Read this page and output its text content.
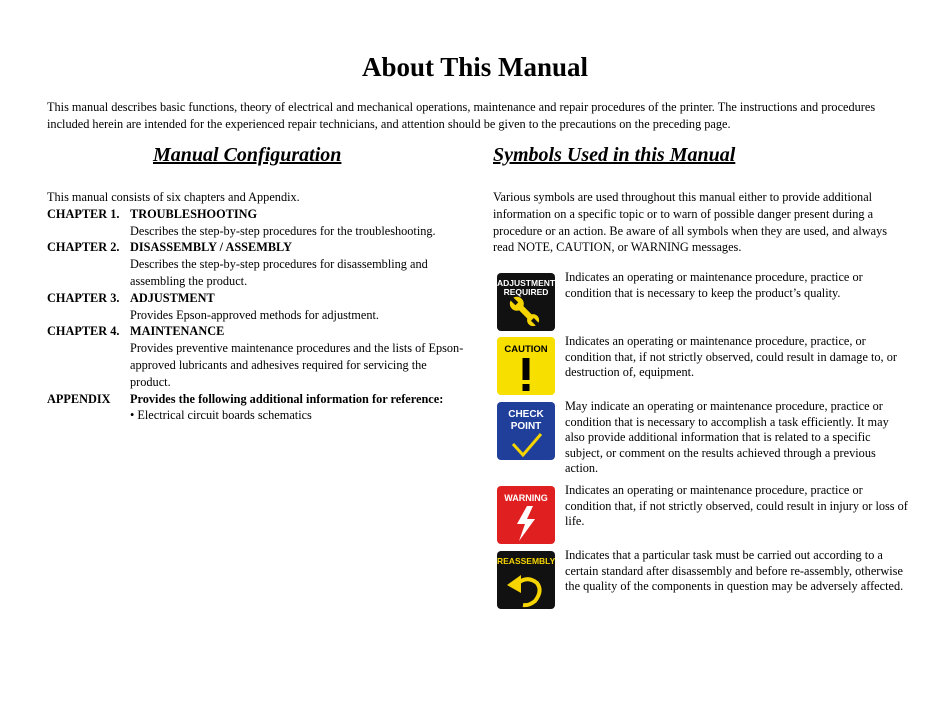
About This Manual
This manual describes basic functions, theory of electrical and mechanical operations, maintenance and repair procedures of the printer. The instructions and procedures included herein are intended for the experienced repair technicians, and attention should be given to the precautions on the preceding page.
Manual Configuration	Symbols Used in this Manual
This manual consists of six chapters and Appendix.
CHAPTER 1. TROUBLESHOOTING
Describes the step-by-step procedures for the troubleshooting.
CHAPTER 2. DISASSEMBLY / ASSEMBLY
Describes the step-by-step procedures for disassembling and assembling the product.
CHAPTER 3. ADJUSTMENT
Provides Epson-approved methods for adjustment.
CHAPTER 4. MAINTENANCE
Provides preventive maintenance procedures and the lists of Epson-approved lubricants and adhesives required for servicing the product.
APPENDIX	Provides the following additional information for reference:
• Electrical circuit boards schematics
Various symbols are used throughout this manual either to provide additional information on a specific topic or to warn of possible danger present during a procedure or an action. Be aware of all symbols when they are used, and always read NOTE, CAUTION, or WARNING messages.
ADJUSTMENT REQUIRED
Indicates an operating or maintenance procedure, practice or condition that is necessary to keep the product’s quality.
CAUTION
Indicates an operating or maintenance procedure, practice, or condition that, if not strictly observed, could result in damage to, or destruction of, equipment.
CHECK POINT
May indicate an operating or maintenance procedure, practice or condition that is necessary to accomplish a task efficiently. It may also provide additional information that is related to a specific subject, or comment on the results achieved through a previous action.
WARNING
Indicates an operating or maintenance procedure, practice or condition that, if not strictly observed, could result in injury or loss of life.
REASSEMBLY Indicates that a particular task must be carried out according to a certain standard after disassembly and before re-assembly, otherwise the quality of the components in question may be adversely affected.
